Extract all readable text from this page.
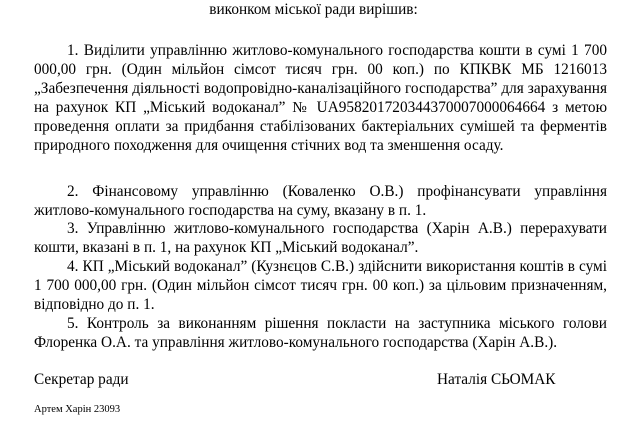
виконком міської ради вирішив:
1. Виділити управлінню житлово-комунального господарства кошти в сумі 1 700 000,00 грн. (Один мільйон сімсот тисяч грн. 00 коп.) по КПКВК МБ 1216013 „Забезпечення діяльності водопровідно-каналізаційного господарства” для зарахування на рахунок КП „Міський водоканал” № UA958201720344370007000064664 з метою проведення оплати за придбання стабілізованих бактеріальних сумішей та ферментів природного походження для очищення стічних вод та зменшення осаду.
2. Фінансовому управлінню (Коваленко О.В.) профінансувати управління житлово-комунального господарства на суму, вказану в п. 1.
3. Управлінню житлово-комунального господарства (Харін А.В.) перерахувати кошти, вказані в п. 1, на рахунок КП „Міський водоканал”.
4. КП „Міський водоканал” (Кузнєцов С.В.) здійснити використання коштів в сумі 1 700 000,00 грн. (Один мільйон сімсот тисяч грн. 00 коп.) за цільовим призначенням, відповідно до п. 1.
5. Контроль за виконанням рішення покласти на заступника міського голови Флоренка О.А. та управління житлово-комунального господарства (Харін А.В.).
Секретар ради	Наталія СЬОМАК
Артем Харін 23093
